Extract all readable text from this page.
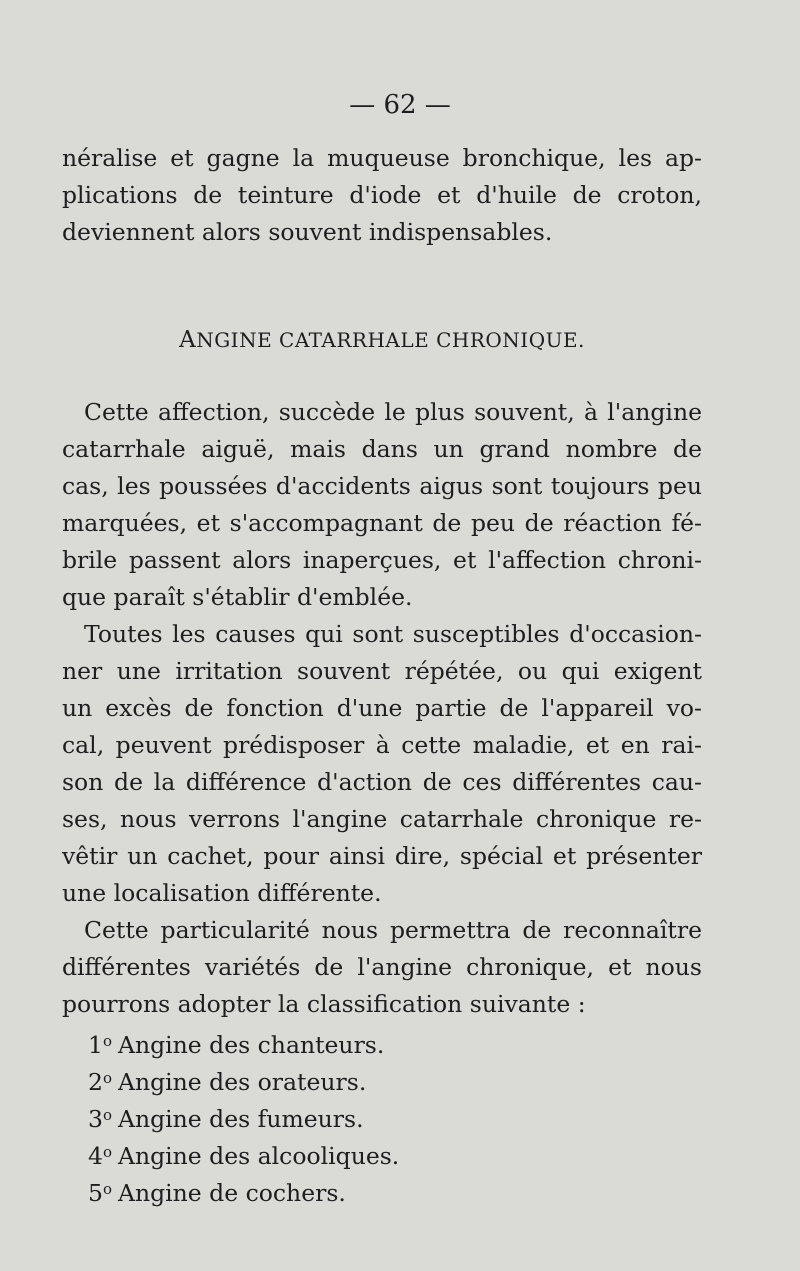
— 62 —
néralise et gagne la muqueuse bronchique, les ap-
plications de teinture d'iode et d'huile de croton,
deviennent alors souvent indispensables.
ANGINE CATARRHALE CHRONIQUE.
Cette affection, succède le plus souvent, à l'angine
catarrhale aiguë, mais dans un grand nombre de
cas, les poussées d'accidents aigus sont toujours peu
marquées, et s'accompagnant de peu de réaction fé-
brile passent alors inaperçues, et l'affection chroni-
que paraît s'établir d'emblée.
Toutes les causes qui sont susceptibles d'occasion-
ner une irritation souvent répétée, ou qui exigent
un excès de fonction d'une partie de l'appareil vo-
cal, peuvent prédisposer à cette maladie, et en rai-
son de la différence d'action de ces différentes cau-
ses, nous verrons l'angine catarrhale chronique re-
vêtir un cachet, pour ainsi dire, spécial et présenter
une localisation différente.
Cette particularité nous permettra de reconnaître
différentes variétés de l'angine chronique, et nous
pourrons adopter la classification suivante :
1$^o$ Angine des chanteurs.
2$^o$ Angine des orateurs.
3$^o$ Angine des fumeurs.
4$^o$ Angine des alcooliques.
5$^o$ Angine de cochers.
